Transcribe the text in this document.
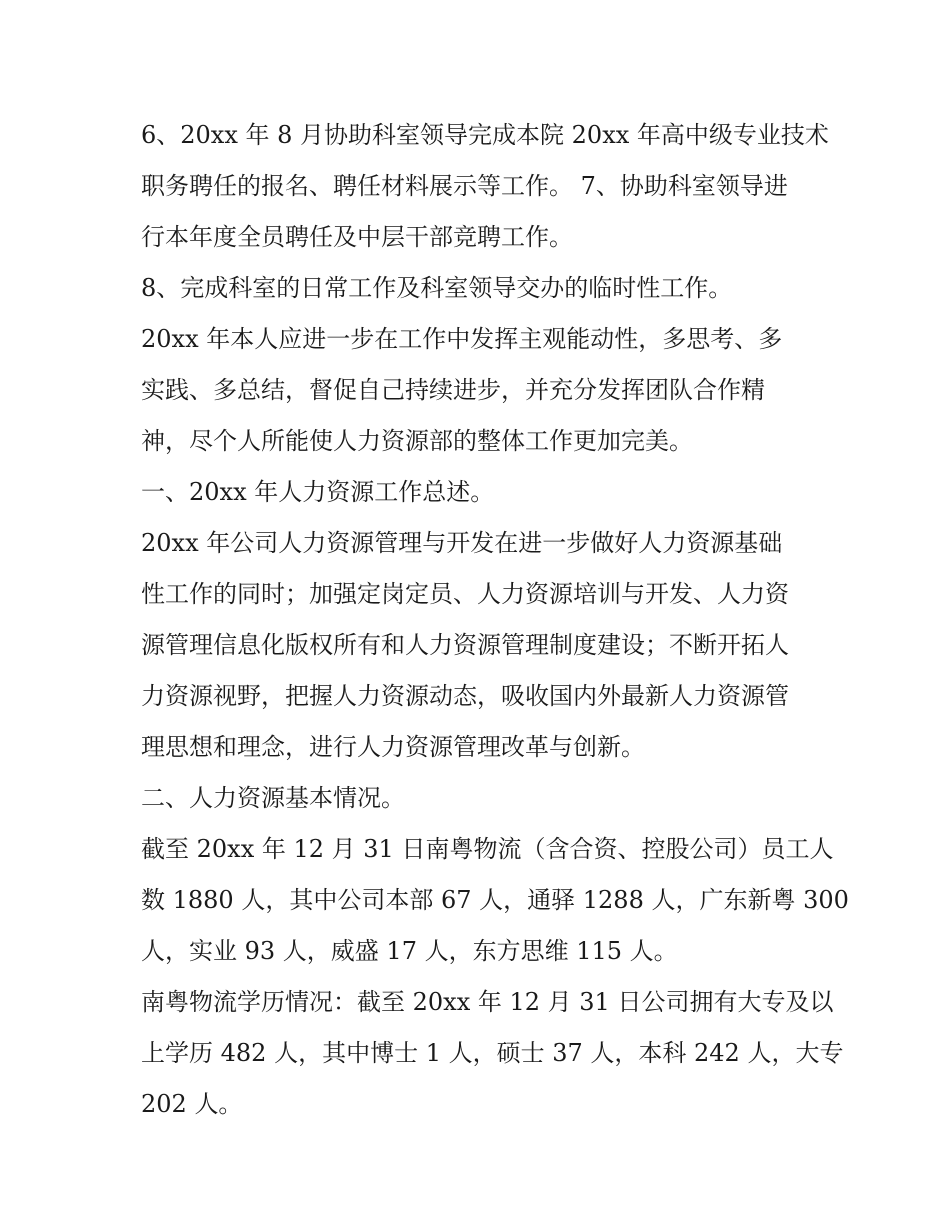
6、20xx 年 8 月协助科室领导完成本院 20xx 年高中级专业技术
职务聘任的报名、聘任材料展示等工作。 7、协助科室领导进
行本年度全员聘任及中层干部竞聘工作。

8、完成科室的日常工作及科室领导交办的临时性工作。

20xx 年本人应进一步在工作中发挥主观能动性，多思考、多
实践、多总结，督促自己持续进步，并充分发挥团队合作精
神，尽个人所能使人力资源部的整体工作更加完美。

一、20xx 年人力资源工作总述。

20xx 年公司人力资源管理与开发在进一步做好人力资源基础
性工作的同时；加强定岗定员、人力资源培训与开发、人力资
源管理信息化版权所有和人力资源管理制度建设；不断开拓人
力资源视野，把握人力资源动态，吸收国内外最新人力资源管
理思想和理念，进行人力资源管理改革与创新。

二、人力资源基本情况。

截至 20xx 年 12 月 31 日南粤物流（含合资、控股公司）员工人
数 1880 人，其中公司本部 67 人，通驿 1288 人，广东新粤 300
人，实业 93 人，威盛 17 人，东方思维 115 人。

南粤物流学历情况：截至 20xx 年 12 月 31 日公司拥有大专及以
上学历 482 人，其中博士 1 人，硕士 37 人，本科 242 人，大专
202 人。
